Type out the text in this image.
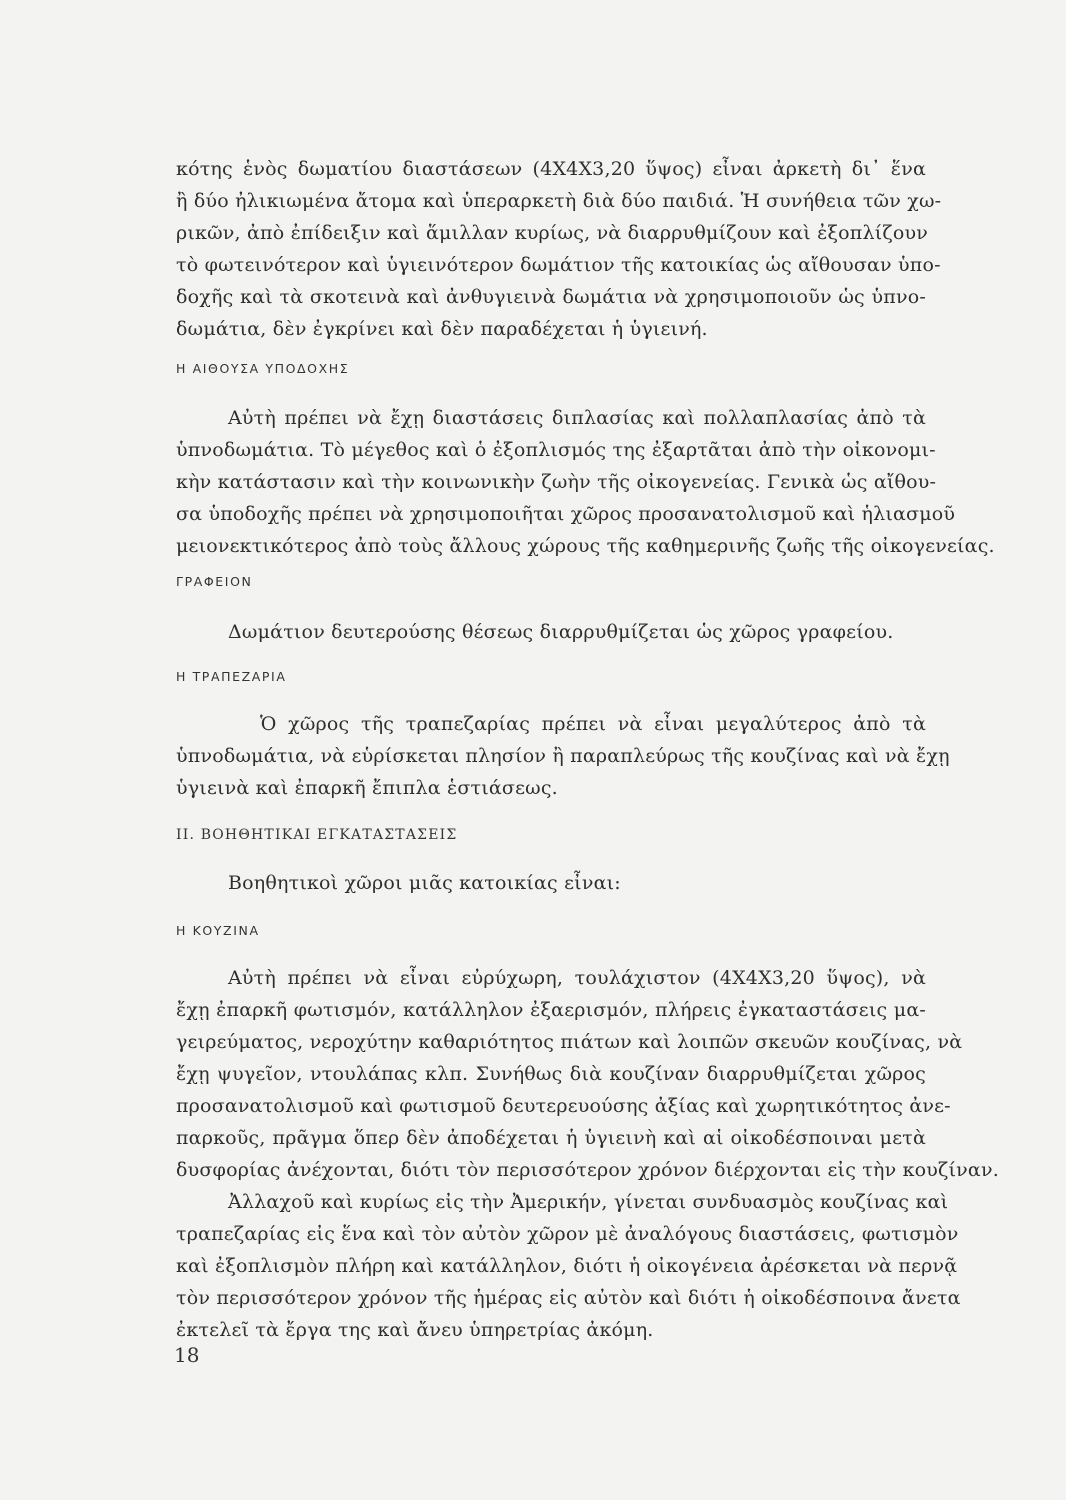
κότης ἑνὸς δωματίου διαστάσεων (4X4X3,20 ὕψος) εἶναι ἀρκετὴ δι᾽ ἕνα
ἢ δύο ἠλικιωμένα ἄτομα καὶ ὑπεραρκετὴ διὰ δύο παιδιά. Ἡ συνήθεια τῶν χω-
ρικῶν, ἀπὸ ἐπίδειξιν καὶ ἅμιλλαν κυρίως, νὰ διαρρυθμίζουν καὶ ἐξοπλίζουν
τὸ φωτεινότερον καὶ ὑγιεινότερον δωμάτιον τῆς κατοικίας ὡς αἴθουσαν ὑπο-
δοχῆς καὶ τὰ σκοτεινὰ καὶ ἀνθυγιεινὰ δωμάτια νὰ χρησιμοποιοῦν ὡς ὑπνο-
δωμάτια, δὲν ἐγκρίνει καὶ δὲν παραδέχεται ἡ ὑγιεινή.
Η ΑΙΘΟΥΣΑ ΥΠΟΔΟΧΗΣ
Αὐτὴ πρέπει νὰ ἔχῃ διαστάσεις διπλασίας καὶ πολλαπλασίας ἀπὸ τὰ
ὑπνοδωμάτια. Τὸ μέγεθος καὶ ὁ ἐξοπλισμός της ἐξαρτᾶται ἀπὸ τὴν οἰκονομι-
κὴν κατάστασιν καὶ τὴν κοινωνικὴν ζωὴν τῆς οἰκογενείας. Γενικὰ ὡς αἴθου-
σα ὑποδοχῆς πρέπει νὰ χρησιμοποιῆται χῶρος προσανατολισμοῦ καὶ ἡλιασμοῦ
μειονεκτικότερος ἀπὸ τοὺς ἄλλους χώρους τῆς καθημερινῆς ζωῆς τῆς οἰκογενείας.
ΓΡΑΦΕΙΟΝ
Δωμάτιον δευτερούσης θέσεως διαρρυθμίζεται ὡς χῶρος γραφείου.
Η ΤΡΑΠΕΖΑΡΙΑ
Ὁ χῶρος τῆς τραπεζαρίας πρέπει νὰ εἶναι μεγαλύτερος ἀπὸ τὰ
ὑπνοδωμάτια, νὰ εὑρίσκεται πλησίον ἢ παραπλεύρως τῆς κουζίνας καὶ νὰ ἔχῃ
ὑγιεινὰ καὶ ἐπαρκῆ ἔπιπλα ἑστιάσεως.
ΙΙ. ΒΟΗΘΗΤΙΚΑΙ ΕΓΚΑΤΑΣΤΑΣΕΙΣ
Βοηθητικοὶ χῶροι μιᾶς κατοικίας εἶναι:
Η ΚΟΥΖΙΝΑ
Αὐτὴ πρέπει νὰ εἶναι εὐρύχωρη, τουλάχιστον (4X4X3,20 ὕψος), νὰ
ἔχῃ ἐπαρκῆ φωτισμόν, κατάλληλον ἐξαερισμόν, πλήρεις ἐγκαταστάσεις μα-
γειρεύματος, νεροχύτην καθαριότητος πιάτων καὶ λοιπῶν σκευῶν κουζίνας, νὰ
ἔχῃ ψυγεῖον, ντουλάπας κλπ. Συνήθως διὰ κουζίναν διαρρυθμίζεται χῶρος
προσανατολισμοῦ καὶ φωτισμοῦ δευτερευούσης ἀξίας καὶ χωρητικότητος ἀνε-
παρκοῦς, πρᾶγμα ὅπερ δὲν ἀποδέχεται ἡ ὑγιεινὴ καὶ αἱ οἰκοδέσποιναι μετὰ
δυσφορίας ἀνέχονται, διότι τὸν περισσότερον χρόνον διέρχονται εἰς τὴν κουζίναν.
Ἀλλαχοῦ καὶ κυρίως εἰς τὴν Ἀμερικήν, γίνεται συνδυασμὸς κουζίνας καὶ
τραπεζαρίας εἰς ἕνα καὶ τὸν αὐτὸν χῶρον μὲ ἀναλόγους διαστάσεις, φωτισμὸν
καὶ ἐξοπλισμὸν πλήρη καὶ κατάλληλον, διότι ἡ οἰκογένεια ἀρέσκεται νὰ περνᾷ
τὸν περισσότερον χρόνον τῆς ἡμέρας εἰς αὐτὸν καὶ διότι ἡ οἰκοδέσποινα ἄνετα
ἐκτελεῖ τὰ ἔργα της καὶ ἄνευ ὑπηρετρίας ἀκόμη.
18
